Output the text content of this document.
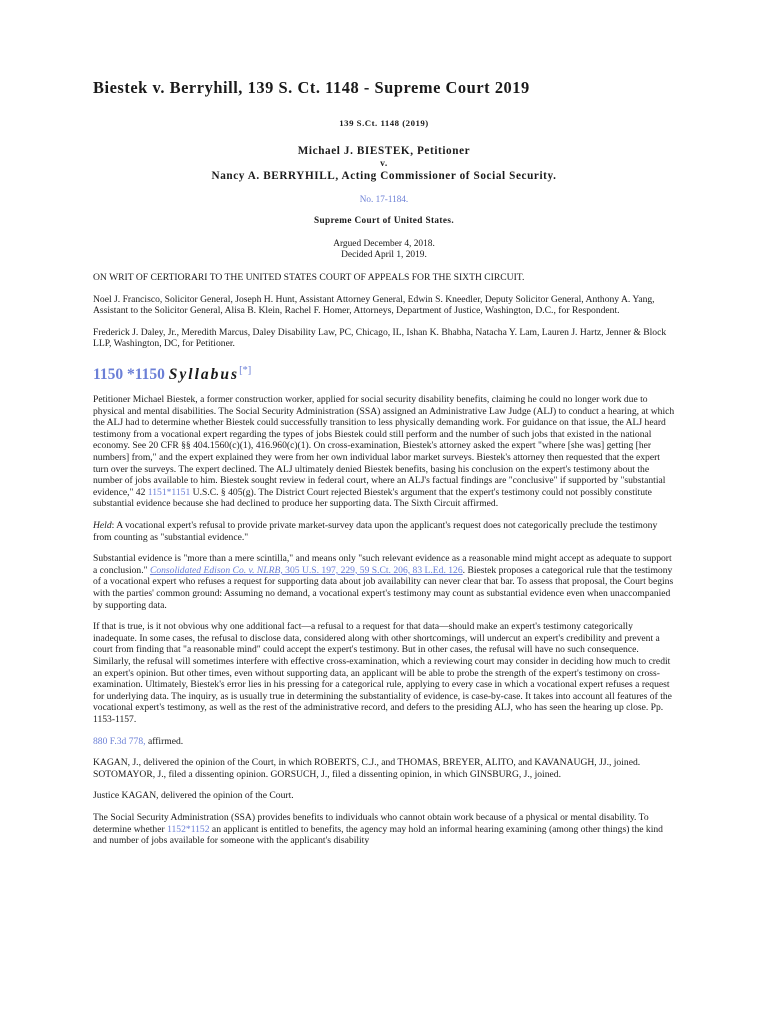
Biestek v. Berryhill, 139 S. Ct. 1148 - Supreme Court 2019
139 S.Ct. 1148 (2019)
Michael J. BIESTEK, Petitioner
v.
Nancy A. BERRYHILL, Acting Commissioner of Social Security.
No. 17-1184.
Supreme Court of United States.
Argued December 4, 2018.
Decided April 1, 2019.

ON WRIT OF CERTIORARI TO THE UNITED STATES COURT OF APPEALS FOR THE SIXTH CIRCUIT.

Noel J. Francisco, Solicitor General, Joseph H. Hunt, Assistant Attorney General, Edwin S. Kneedler, Deputy Solicitor General, Anthony A. Yang, Assistant to the Solicitor General, Alisa B. Klein, Rachel F. Homer, Attorneys, Department of Justice, Washington, D.C., for Respondent.

Frederick J. Daley, Jr., Meredith Marcus, Daley Disability Law, PC, Chicago, IL, Ishan K. Bhabha, Natacha Y. Lam, Lauren J. Hartz, Jenner & Block LLP, Washington, DC, for Petitioner.

1150 *1150 Syllabus[*]

Petitioner Michael Biestek, a former construction worker, applied for social security disability benefits, claiming he could no longer work due to physical and mental disabilities. The Social Security Administration (SSA) assigned an Administrative Law Judge (ALJ) to conduct a hearing, at which the ALJ had to determine whether Biestek could successfully transition to less physically demanding work. For guidance on that issue, the ALJ heard testimony from a vocational expert regarding the types of jobs Biestek could still perform and the number of such jobs that existed in the national economy. See 20 CFR §§ 404.1560(c)(1), 416.960(c)(1). On cross-examination, Biestek's attorney asked the expert "where [she was] getting [her numbers] from," and the expert explained they were from her own individual labor market surveys. Biestek's attorney then requested that the expert turn over the surveys. The expert declined. The ALJ ultimately denied Biestek benefits, basing his conclusion on the expert's testimony about the number of jobs available to him. Biestek sought review in federal court, where an ALJ's factual findings are "conclusive" if supported by "substantial evidence," 42 1151*1151 U.S.C. § 405(g). The District Court rejected Biestek's argument that the expert's testimony could not possibly constitute substantial evidence because she had declined to produce her supporting data. The Sixth Circuit affirmed.

Held: A vocational expert's refusal to provide private market-survey data upon the applicant's request does not categorically preclude the testimony from counting as "substantial evidence."

Substantial evidence is "more than a mere scintilla," and means only "such relevant evidence as a reasonable mind might accept as adequate to support a conclusion." Consolidated Edison Co. v. NLRB, 305 U.S. 197, 229, 59 S.Ct. 206, 83 L.Ed. 126. Biestek proposes a categorical rule that the testimony of a vocational expert who refuses a request for supporting data about job availability can never clear that bar. To assess that proposal, the Court begins with the parties' common ground: Assuming no demand, a vocational expert's testimony may count as substantial evidence even when unaccompanied by supporting data.

If that is true, is it not obvious why one additional fact—a refusal to a request for that data—should make an expert's testimony categorically inadequate. In some cases, the refusal to disclose data, considered along with other shortcomings, will undercut an expert's credibility and prevent a court from finding that "a reasonable mind" could accept the expert's testimony. But in other cases, the refusal will have no such consequence. Similarly, the refusal will sometimes interfere with effective cross-examination, which a reviewing court may consider in deciding how much to credit an expert's opinion. But other times, even without supporting data, an applicant will be able to probe the strength of the expert's testimony on cross-examination. Ultimately, Biestek's error lies in his pressing for a categorical rule, applying to every case in which a vocational expert refuses a request for underlying data. The inquiry, as is usually true in determining the substantiality of evidence, is case-by-case. It takes into account all features of the vocational expert's testimony, as well as the rest of the administrative record, and defers to the presiding ALJ, who has seen the hearing up close. Pp. 1153-1157.

880 F.3d 778, affirmed.

KAGAN, J., delivered the opinion of the Court, in which ROBERTS, C.J., and THOMAS, BREYER, ALITO, and KAVANAUGH, JJ., joined. SOTOMAYOR, J., filed a dissenting opinion. GORSUCH, J., filed a dissenting opinion, in which GINSBURG, J., joined.

Justice KAGAN, delivered the opinion of the Court.

The Social Security Administration (SSA) provides benefits to individuals who cannot obtain work because of a physical or mental disability. To determine whether 1152*1152 an applicant is entitled to benefits, the agency may hold an informal hearing examining (among other things) the kind and number of jobs available for someone with the applicant's disability
